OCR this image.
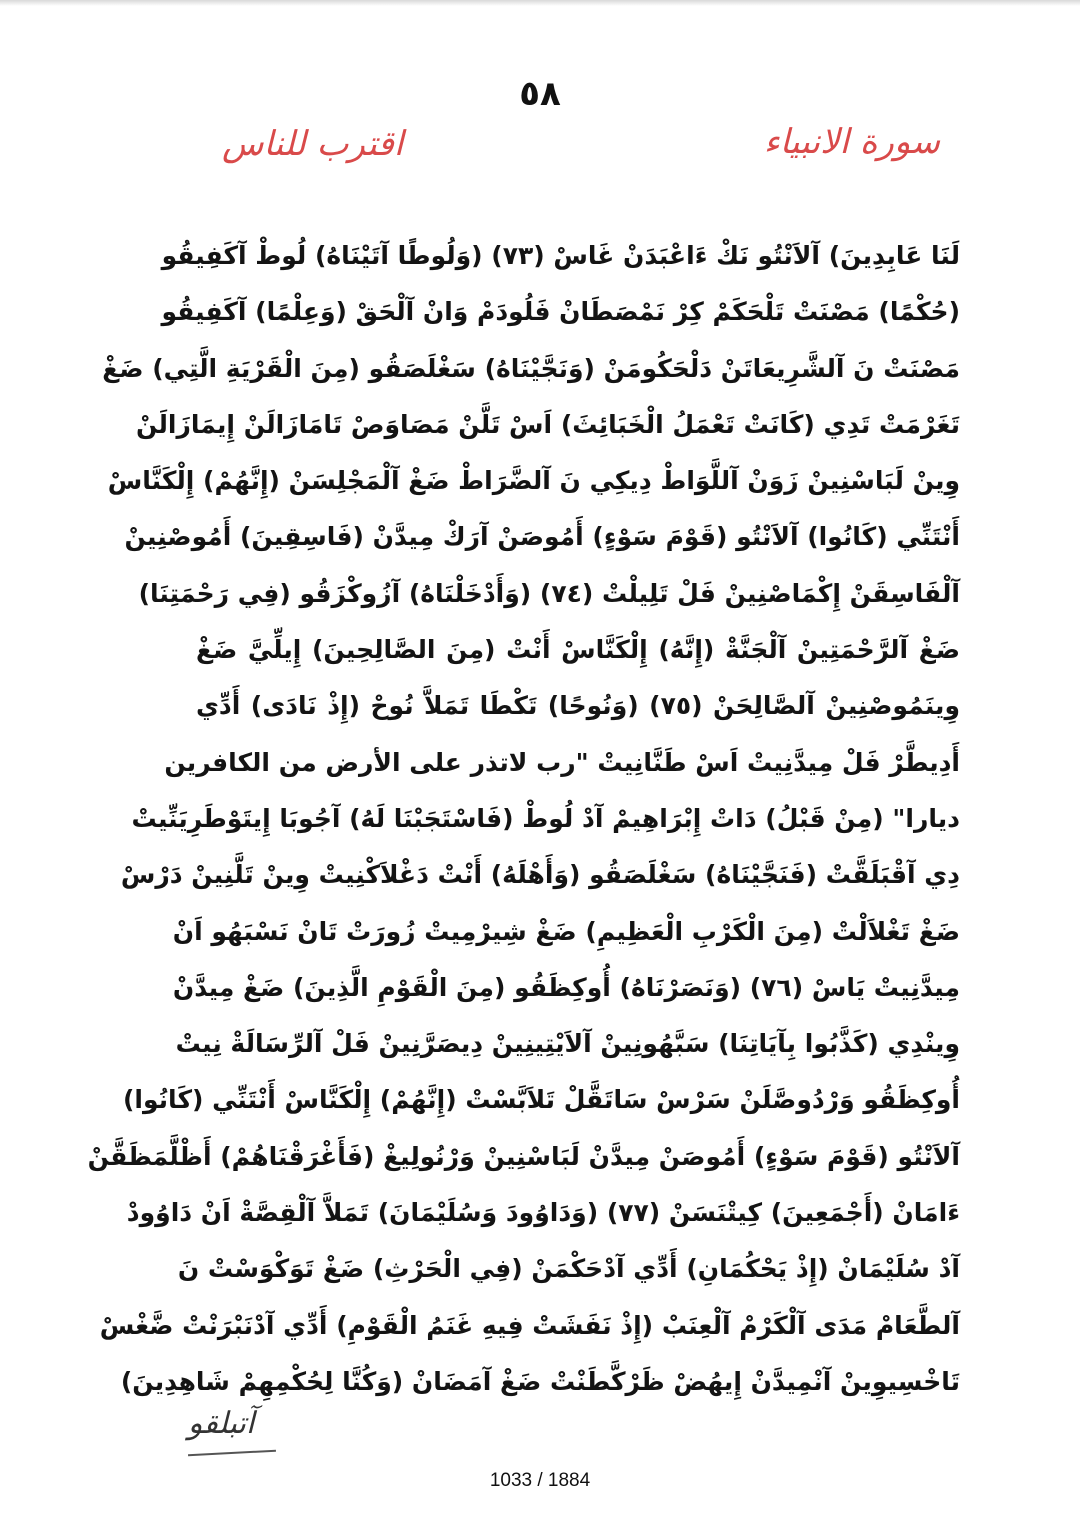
٥٨
سورة الانبياء
اقترب للناس
لَنَا عَابِدِينَ) آلاَنْتُو نَكْ ءَاعْبَدَنْ غَاسْ (٧٣) (وَلُوطًا آتَيْنَاهُ) لُوطْ آكَفِيقُو
(حُكْمًا) مَصْنَتْ تَلْحَكَمْ كِرْ نَمْصَطَانْ فَلُودَمْ وَانْ آلْحَقْ (وَعِلْمًا) آكَفِيقُو
مَصْنَتْ نَ آلشَّرِيعَاتَنْ دَلْحَكُومَنْ (وَنَجَّيْنَاهُ) سَغْلَصَقُو (مِنَ الْقَرْيَةِ الَّتِي) ضَغْ
تَغَرْمَتْ تَدِي (كَانَتْ تَعْمَلُ الْخَبَائِثَ) اَسْ تَلَّنْ مَصَاوَصْ تَامَازَالَنْ إِيمَازَالَنْ
وِينْ لَبَاسْنِينْ زَوَنْ آللَّوَاطْ دِيكِي نَ آلضَّرَاطْ ضَغْ آلْمَجْلِسَنْ (إِنَّهُمْ) إِلْكَنَّاسْ
أَنْتَنِّي (كَانُوا) آلاَنْتُو (قَوْمَ سَوْءٍ) أَمُوصَنْ آرَكْ مِيدَّنْ (فَاسِقِينَ) أَمُوصْنِينْ
آلْفَاسِقَنْ إِكْمَاصْنِينْ فَلْ تَلِيلْتْ (٧٤) (وَأَدْخَلْنَاهُ) آزُوكْزَقُو (فِي رَحْمَتِنَا)
ضَغْ آلرَّحْمَتِينْ آلْجَنَّةْ (إِنَّهُ) إِلْكَنَّاسْ أَنْتْ (مِنَ الصَّالِحِينَ) إِيلِّيَّ ضَغْ
وِينَمُوصْنِينْ آلصَّالِحَنْ (٧٥) (وَنُوحًا) تَكْطَا تَمَلاَّ نُوحْ (إِذْ نَادَى) أَدِّي
أَدِيطَّرْ فَلْ مِيدَّنِيتْ اَسْ طَنَّانِيتْ "رب لاتذر على الأرض من الكافرين
ديارا" (مِنْ قَبْلُ) دَاتْ إِبْرَاهِيمْ آدْ لُوطْ (فَاسْتَجَبْنَا لَهُ) آجُوبَا إِيتَوْطَرِيَنِّيتْ
دِي آقْبَلَقَّتْ (فَنَجَّيْنَاهُ) سَغْلَصَقُو (وَأَهْلَهُ) أَنْتْ دَغْلاَكْنِيتْ وِينْ تَلَّنِينْ دَرْسْ
ضَغْ تَغْلاَلْتْ (مِنَ الْكَرْبِ الْعَظِيمِ) ضَغْ شِيرْمِيتْ زُورَتْ تَانْ نَسْبَهُو اَنْ
مِيدَّنِيتْ يَاسْ (٧٦) (وَنَصَرْنَاهُ) أُوكِظَقُو (مِنَ الْقَوْمِ الَّذِينَ) ضَغْ مِيدَّنْ
وِينْدِي (كَذَّبُوا بِآيَاتِنَا) سَبَّهُونِينْ آلاَيْتِينِينْ دِيصَرَّنِينْ فَلْ آلرِّسَالَةْ نِيتْ
أُوكِظَقُو وَرْدُوصَّلَنْ سَرْسْ سَاتَقَّلْ تَلاَبَّسْتْ (إِنَّهُمْ) إِلْكَنَّاسْ أَنْتَنِّي (كَانُوا)
آلاَنْتُو (قَوْمَ سَوْءٍ) أَمُوصَنْ مِيدَّنْ لَبَاسْنِينْ وَرْنُولِيغْ (فَأَغْرَقْنَاهُمْ) أَظْلَّمَظَقَّنْ
ءَامَانْ (أَجْمَعِينَ) كِيتْنَسَنْ (٧٧) (وَدَاوُودَ وَسُلَيْمَانَ) تَمَلاَّ آلْقِصَّةْ اَنْ دَاوُودْ
آدْ سُلَيْمَانْ (إِذْ يَحْكُمَانِ) أَدِّي آدْحَكْمَنْ (فِي الْحَرْثِ) ضَغْ تَوَكْوَسْتْ نَ
آلطَّعَامْ مَدَى آلْكَرْمْ آلْعِنَبْ (إِذْ نَفَشَتْ فِيهِ غَنَمُ الْقَوْمِ) أَدِّي آدْنَبْرَنْتْ ضَّغْسْ
تَاخْسِيوِينْ آنْمِيدَّنْ إِيهُضْ ظَرْكَّطَنْتْ ضَغْ آمَضَانْ (وَكُنَّا لِحُكْمِهِمْ شَاهِدِينَ)
آتبلقو
1033 / 1884
